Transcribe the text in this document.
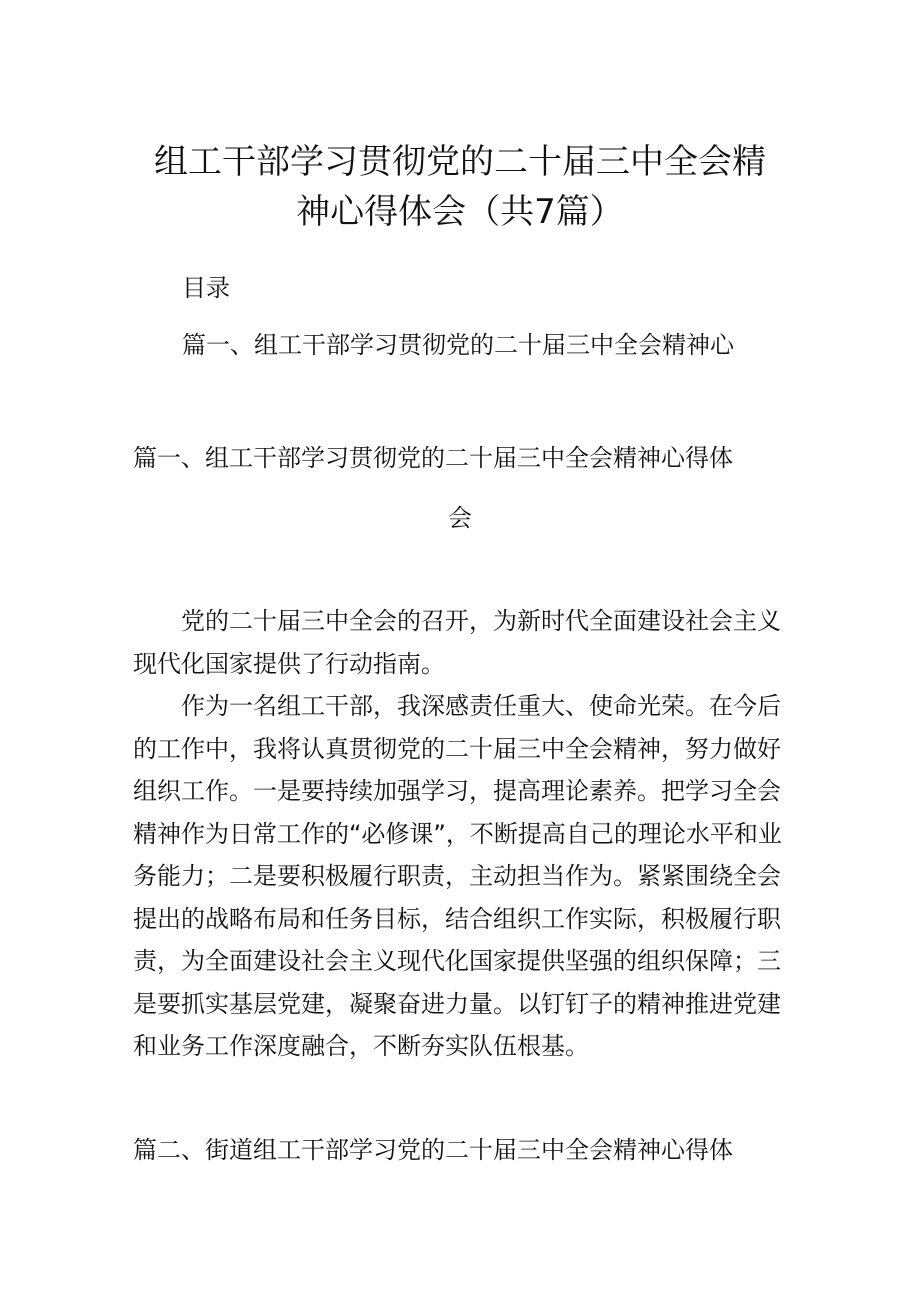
组工干部学习贯彻党的二十届三中全会精神心得体会（共7篇）
目录
篇一、组工干部学习贯彻党的二十届三中全会精神心
篇一、组工干部学习贯彻党的二十届三中全会精神心得体
会

党的二十届三中全会的召开，为新时代全面建设社会主义现代化国家提供了行动指南。

作为一名组工干部，我深感责任重大、使命光荣。在今后的工作中，我将认真贯彻党的二十届三中全会精神，努力做好组织工作。一是要持续加强学习，提高理论素养。把学习全会精神作为日常工作的“必修课”，不断提高自己的理论水平和业务能力；二是要积极履行职责，主动担当作为。紧紧围绕全会提出的战略布局和任务目标，结合组织工作实际，积极履行职责，为全面建设社会主义现代化国家提供坚强的组织保障；三是要抓实基层党建，凝聚奋进力量。以钉钉子的精神推进党建和业务工作深度融合，不断夯实队伍根基。

篇二、街道组工干部学习党的二十届三中全会精神心得体
